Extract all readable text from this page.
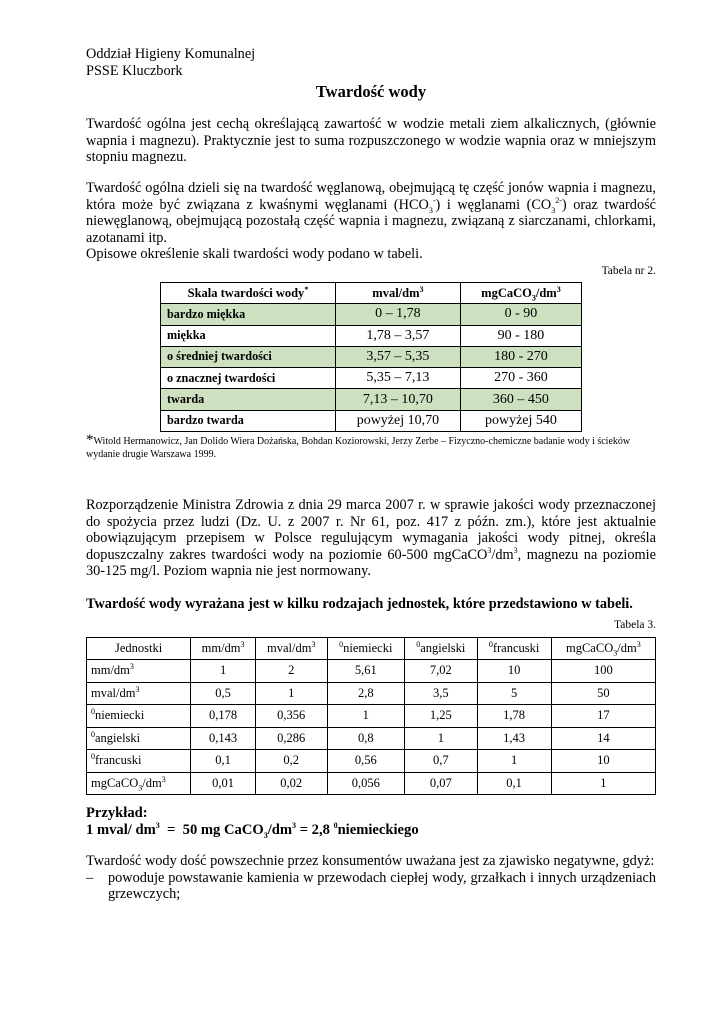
Oddział Higieny Komunalnej
PSSE Kluczbork
Twardość wody

Twardość ogólna jest cechą określającą zawartość w wodzie metali ziem alkalicznych, (głównie wapnia i magnezu). Praktycznie jest to suma rozpuszczonego w wodzie wapnia oraz w mniejszym stopniu magnezu.

Twardość ogólna dzieli się na twardość węglanową, obejmującą tę część jonów wapnia i magnezu, która może być związana z kwaśnymi węglanami $(HCO_3^-)$ i węglanami $(CO_3^{2-})$ oraz twardość niewęglanową, obejmującą pozostałą część wapnia i magnezu, związaną z siarczanami, chlorkami, azotanami itp.

Opisowe określenie skali twardości wody podano w tabeli.

Tabela nr 2.

Skala twardości wody*	mval/$dm^3$	$mgCaCO_3/dm^3$
bardzo miękka	0 – 1,78	0 - 90
miękka	1,78 – 3,57	90 - 180
o średniej twardości	3,57 – 5,35	180 - 270
o znacznej twardości	5,35 – 7,13	270 - 360
twarda	7,13 – 10,70	360 – 450
bardzo twarda	powyżej 10,70	powyżej 540
*Witold Hermanowicz, Jan Dolido Wiera Dożańska, Bohdan Koziorowski, Jerzy Zerbe – Fizyczno-chemiczne badanie wody i ścieków wydanie drugie Warszawa 1999.

Rozporządzenie Ministra Zdrowia z dnia 29 marca 2007 r. w sprawie jakości wody przeznaczonej do spożycia przez ludzi (Dz. U. z 2007 r. Nr 61, poz. 417 z późn. zm.), które jest aktualnie obowiązującym przepisem w Polsce regulującym wymagania jakości wody pitnej, określa dopuszczalny zakres twardości wody na poziomie 60-500 $mgCaCO^3/dm^3$, magnezu na poziomie 30-125 mg/l. Poziom wapnia nie jest normowany.

Twardość wody wyrażana jest w kilku rodzajach jednostek, które przedstawiono w tabeli.

Tabela 3.

Jednostki	$mm/dm^3$	mval/$dm^3$	$^0$niemiecki	$^0$angielski	$^0$francuski	$mgCaCO_3/dm^3$
$mm/dm^3$	1	2	5,61	7,02	10	100
mval/$dm^3$	0,5	1	2,8	3,5	5	50
$^0$niemiecki	0,178	0,356	1	1,25	1,78	17
$^0$angielski	0,143	0,286	0,8	1	1,43	14
$^0$francuski	0,1	0,2	0,56	0,7	1	10
$mgCaCO_3/dm^3$	0,01	0,02	0,056	0,07	0,1	1
Przykład:
1 mval/ $dm^3 = 50$ mg $CaCO_3/dm^3 = 2,8$ $^0$niemieckiego

Twardość wody dość powszechnie przez konsumentów uważana jest za zjawisko negatywne, gdyż:

– powoduje powstawanie kamienia w przewodach ciepłej wody, grzałkach i innych urządzeniach grzewczych;
